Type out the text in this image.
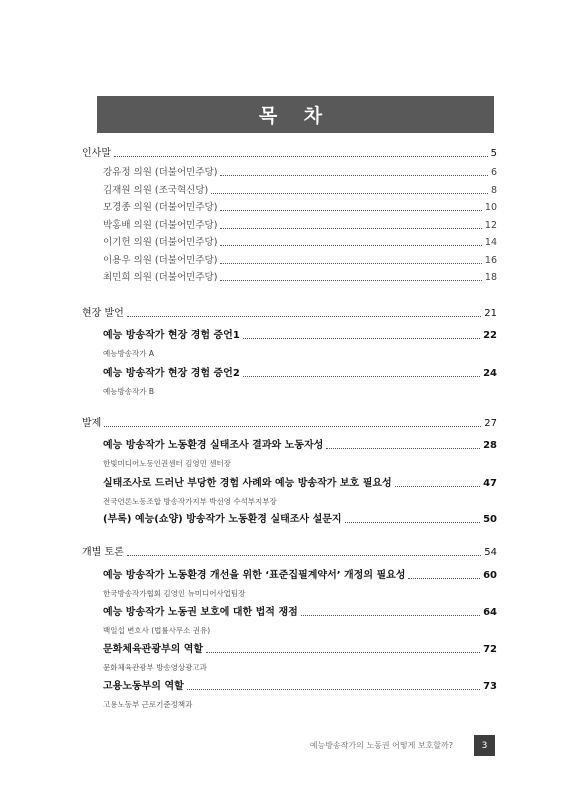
목 차
인사말	5
강유정 의원 (더불어민주당)	6
김재원 의원 (조국혁신당)	8
모경종 의원 (더불어민주당)	10
박홍배 의원 (더불어민주당)	12
이기헌 의원 (더불어민주당)	14
이용우 의원 (더불어민주당)	16
최민희 의원 (더불어민주당)	18
현장 발언	21
예능 방송작가 현장 경험 증언1	22
예능방송작가 A
예능 방송작가 현장 경험 증언2	24
예능방송작가 B
발제	27
예능 방송작가 노동환경 실태조사 결과와 노동자성	28
한빛미디어노동인권센터 김영민 센터장
실태조사로 드러난 부당한 경험 사례와 예능 방송작가 보호 필요성	47
전국언론노동조합 방송작가지부 박선영 수석부지부장
(부록) 예능(쇼양) 방송작가 노동환경 실태조사 설문지	50
개별 토론	54
예능 방송작가 노동환경 개선을 위한 ‘표준집필계약서’ 개정의 필요성	60
한국방송작가협회 김영인 뉴미디어사업팀장
예능 방송작가 노동권 보호에 대한 법적 쟁점	64
백일섭 변호사 (법률사무소 권유)
문화체육관광부의 역할	72
문화체육관광부 방송영상광고과
고용노동부의 역할	73
고용노동부 근로기준정책과
예능방송작가의 노동권 어떻게 보호할까?	3
